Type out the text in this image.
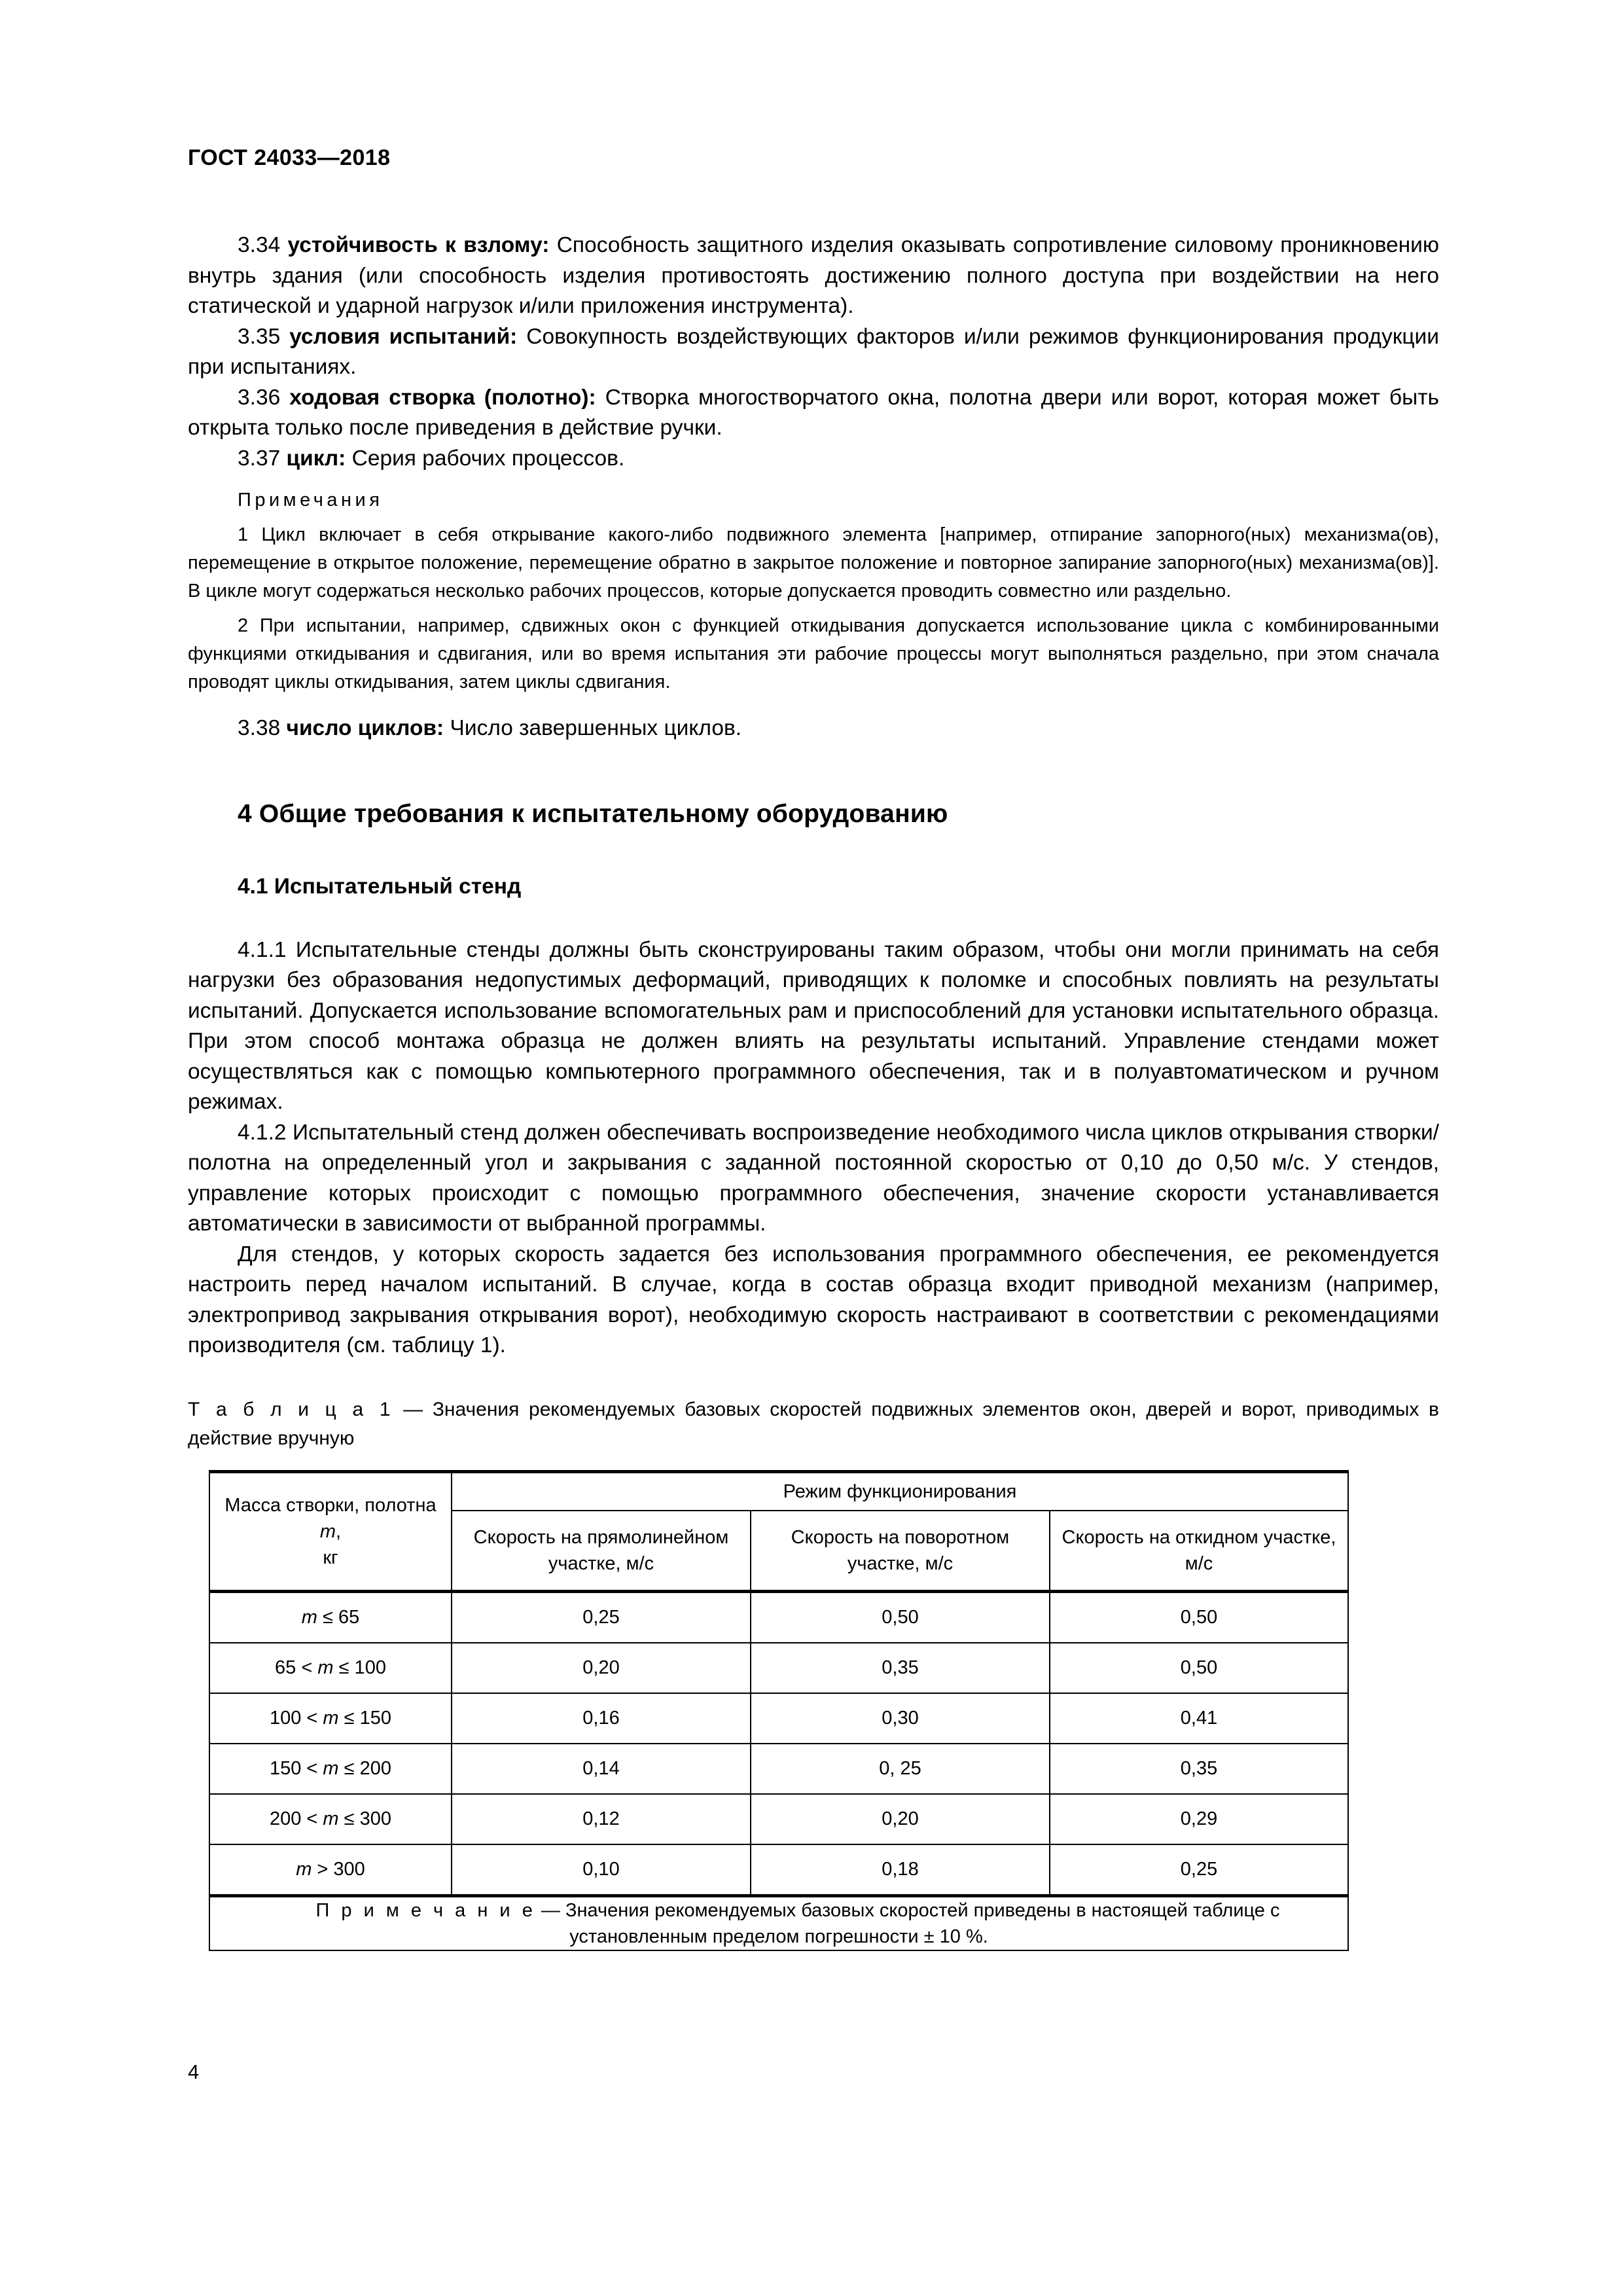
ГОСТ 24033—2018

3.34 устойчивость к взлому: Способность защитного изделия оказывать сопротивление силовому проникновению внутрь здания (или способность изделия противостоять достижению полного доступа при воздействии на него статической и ударной нагрузок и/или приложения инструмента).

3.35 условия испытаний: Совокупность воздействующих факторов и/или режимов функционирования продукции при испытаниях.

3.36 ходовая створка (полотно): Створка многостворчатого окна, полотна двери или ворот, которая может быть открыта только после приведения в действие ручки.

3.37 цикл: Серия рабочих процессов.

Примечания

1 Цикл включает в себя открывание какого-либо подвижного элемента [например, отпирание запорного(ных) механизма(ов), перемещение в открытое положение, перемещение обратно в закрытое положение и повторное запирание запорного(ных) механизма(ов)]. В цикле могут содержаться несколько рабочих процессов, которые допускается проводить совместно или раздельно.

2 При испытании, например, сдвижных окон с функцией откидывания допускается использование цикла с комбинированными функциями откидывания и сдвигания, или во время испытания эти рабочие процессы могут выполняться раздельно, при этом сначала проводят циклы откидывания, затем циклы сдвигания.

3.38 число циклов: Число завершенных циклов.

4 Общие требования к испытательному оборудованию
4.1 Испытательный стенд

4.1.1 Испытательные стенды должны быть сконструированы таким образом, чтобы они могли принимать на себя нагрузки без образования недопустимых деформаций, приводящих к поломке и способных повлиять на результаты испытаний. Допускается использование вспомогательных рам и приспособлений для установки испытательного образца. При этом способ монтажа образца не должен влиять на результаты испытаний. Управление стендами может осуществляться как с помощью компьютерного программного обеспечения, так и в полуавтоматическом и ручном режимах.

4.1.2 Испытательный стенд должен обеспечивать воспроизведение необходимого числа циклов открывания створки/полотна на определенный угол и закрывания с заданной постоянной скоростью от 0,10 до 0,50 м/с. У стендов, управление которых происходит с помощью программного обеспечения, значение скорости устанавливается автоматически в зависимости от выбранной программы.

Для стендов, у которых скорость задается без использования программного обеспечения, ее рекомендуется настроить перед началом испытаний. В случае, когда в состав образца входит приводной механизм (например, электропривод закрывания открывания ворот), необходимую скорость настраивают в соответствии с рекомендациями производителя (см. таблицу 1).

Т а б л и ц а 1 — Значения рекомендуемых базовых скоростей подвижных элементов окон, дверей и ворот, приводимых в действие вручную

Масса створки, полотна m,
кг	Режим функционирования		
	Скорость на прямолинейном участке, м/с	Скорость на поворотном участке, м/с	Скорость на откидном участке, м/с
m ≤ 65	0,25	0,50	0,50
65 < m ≤ 100	0,20	0,35	0,50
100 < m ≤ 150	0,16	0,30	0,41
150 < m ≤ 200	0,14	0, 25	0,35
200 < m ≤ 300	0,12	0,20	0,29
m > 300	0,10	0,18	0,25

П р и м е ч а н и е — Значения рекомендуемых базовых скоростей приведены в настоящей таблице с установленным пределом погрешности ± 10 %.			

4
